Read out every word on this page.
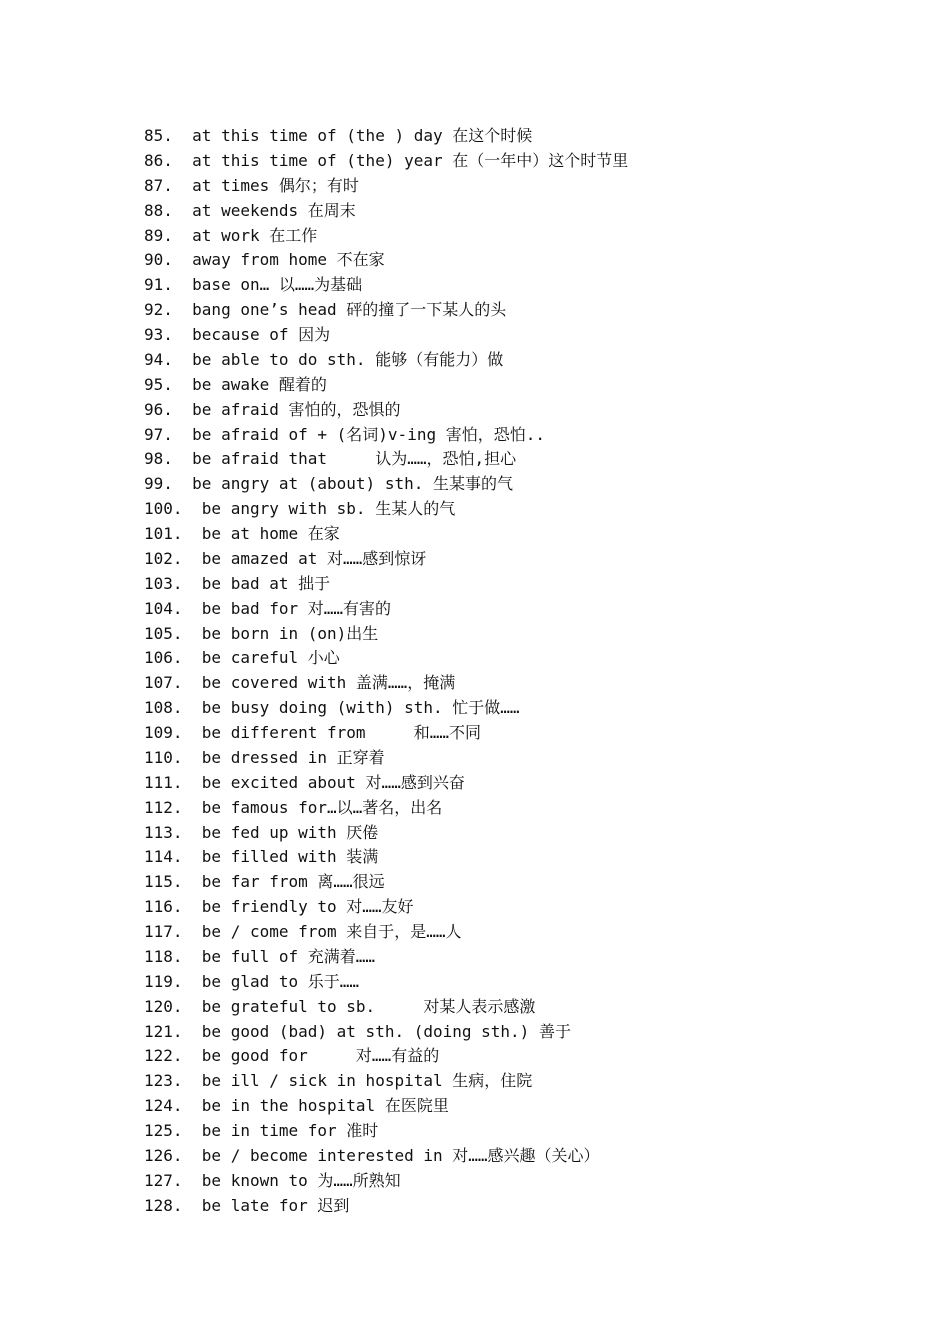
85.  at this time of (the ) day 在这个时候
86.  at this time of (the) year 在（一年中）这个时节里
87.  at times 偶尔；有时
88.  at weekends 在周末
89.  at work 在工作
90.  away from home 不在家
91.  base on… 以……为基础
92.  bang one’s head 砰的撞了一下某人的头
93.  because of 因为
94.  be able to do sth. 能够（有能力）做
95.  be awake 醒着的
96.  be afraid 害怕的，恐惧的
97.  be afraid of + (名词)v-ing 害怕，恐怕..
98.  be afraid that     认为……，恐怕,担心
99.  be angry at (about) sth. 生某事的气
100.  be angry with sb. 生某人的气
101.  be at home 在家
102.  be amazed at 对……感到惊讶
103.  be bad at 拙于
104.  be bad for 对……有害的
105.  be born in (on)出生
106.  be careful 小心
107.  be covered with 盖满……，掩满
108.  be busy doing (with) sth. 忙于做……
109.  be different from     和……不同
110.  be dressed in 正穿着
111.  be excited about 对……感到兴奋
112.  be famous for…以…著名，出名
113.  be fed up with 厌倦
114.  be filled with 装满
115.  be far from 离……很远
116.  be friendly to 对……友好
117.  be / come from 来自于，是……人
118.  be full of 充满着……
119.  be glad to 乐于……
120.  be grateful to sb.     对某人表示感激
121.  be good (bad) at sth. (doing sth.) 善于
122.  be good for     对……有益的
123.  be ill / sick in hospital 生病，住院
124.  be in the hospital 在医院里
125.  be in time for 准时
126.  be / become interested in 对……感兴趣（关心）
127.  be known to 为……所熟知
128.  be late for 迟到
